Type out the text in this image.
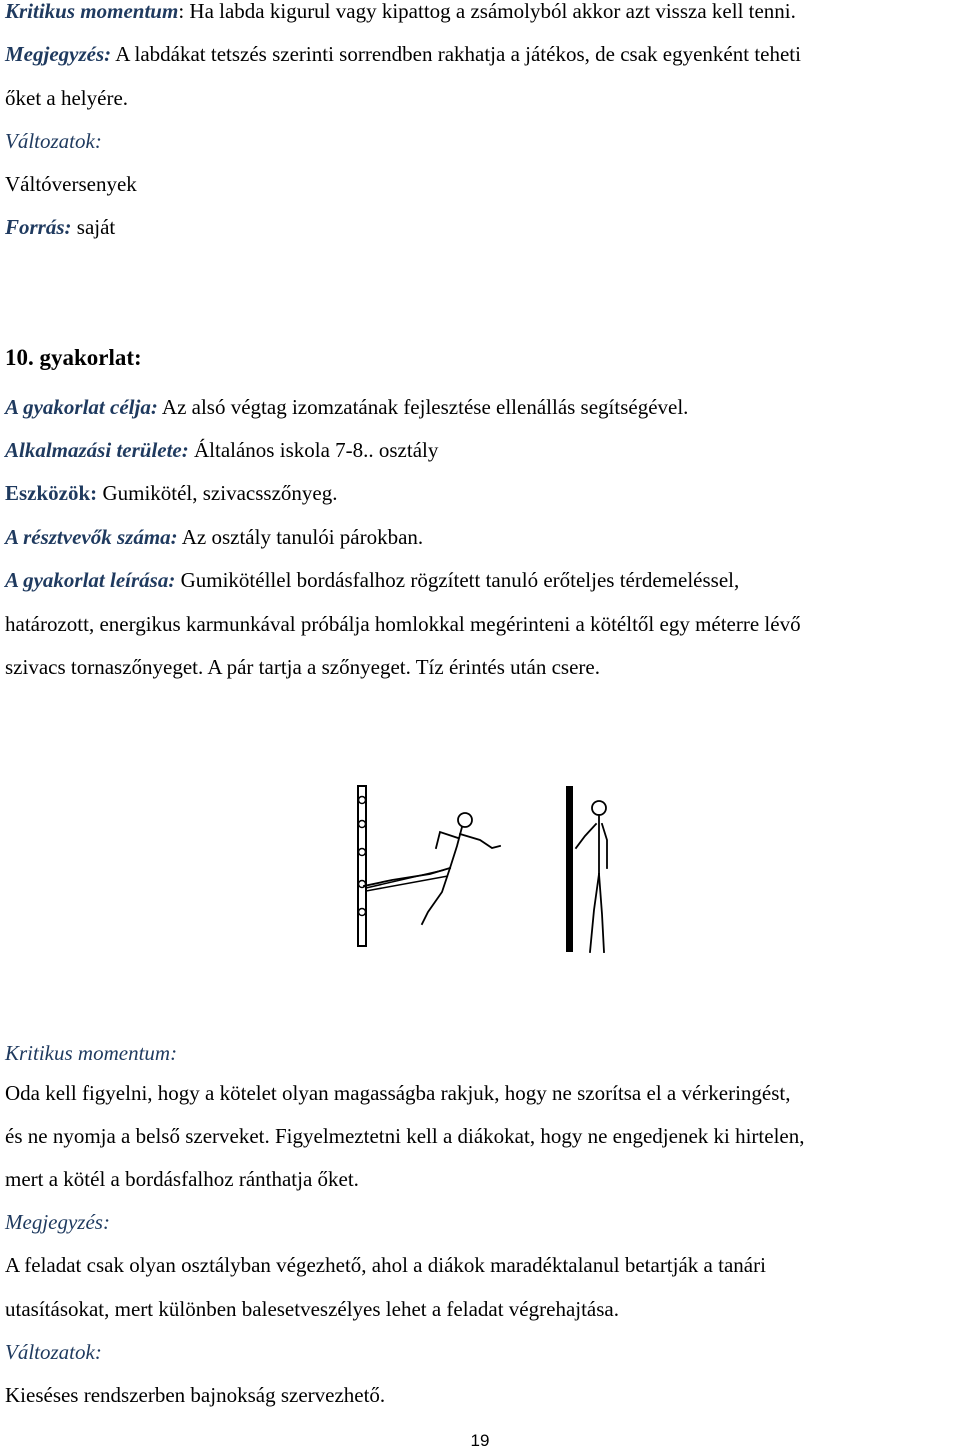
Kritikus momentum: Ha labda kigurul vagy kipattog a zsámolyból akkor azt vissza kell tenni.
Megjegyzés: A labdákat tetszés szerinti sorrendben rakhatja a játékos, de csak egyenként teheti
őket a helyére.
Változatok:
Váltóversenyek
Forrás: saját
10. gyakorlat:
A gyakorlat célja: Az alsó végtag izomzatának fejlesztése ellenállás segítségével.
Alkalmazási területe: Általános iskola 7-8.. osztály
Eszközök: Gumikötél, szivacsszőnyeg.
A résztvevők száma: Az osztály tanulói párokban.
A gyakorlat leírása: Gumikötéllel bordásfalhoz rögzített tanuló erőteljes térdemeléssel,
határozott, energikus karmunkával próbálja homlokkal megérinteni a kötéltől egy méterre lévő
szivacs tornaszőnyeget. A pár tartja a szőnyeget. Tíz érintés után csere.
Kritikus momentum:
Oda kell figyelni, hogy a kötelet olyan magasságba rakjuk, hogy ne szorítsa el a vérkeringést,
és ne nyomja a belső szerveket. Figyelmeztetni kell a diákokat, hogy ne engedjenek ki hirtelen,
mert a kötél a bordásfalhoz ránthatja őket.
Megjegyzés:
A feladat csak olyan osztályban végezhető, ahol a diákok maradéktalanul betartják a tanári
utasításokat, mert különben balesetveszélyes lehet a feladat végrehajtása.
Változatok:
Kieséses rendszerben bajnokság szervezhető.
19
